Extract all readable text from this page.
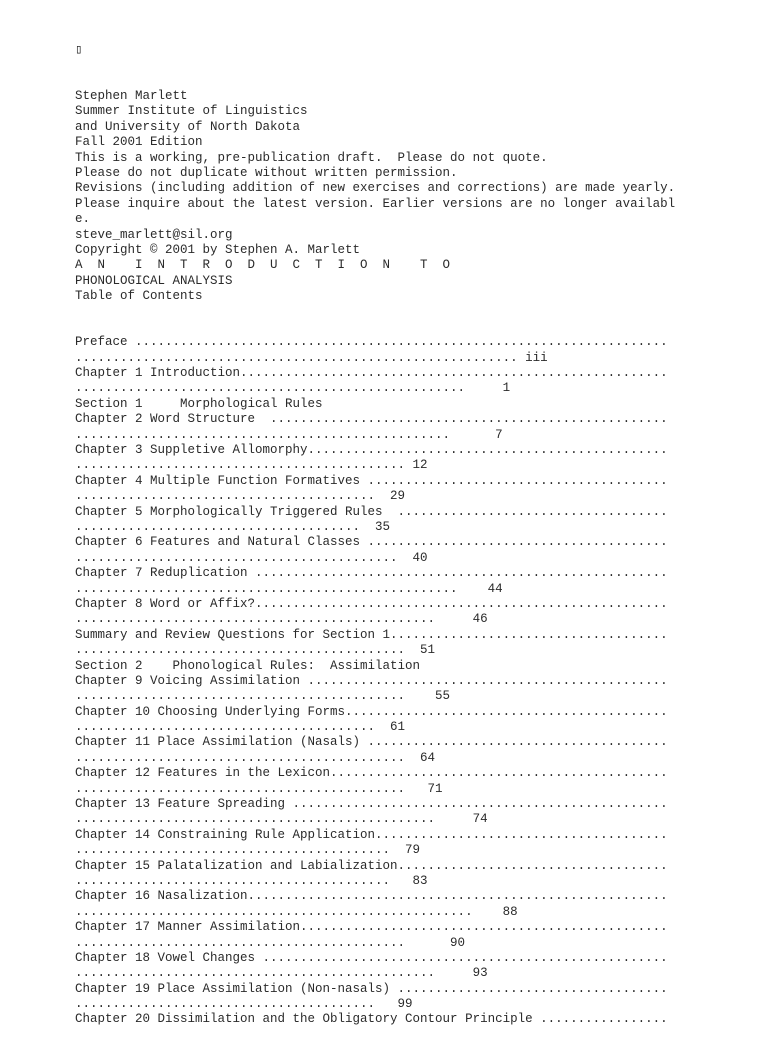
▯

Stephen Marlett
Summer Institute of Linguistics
and University of North Dakota
Fall 2001 Edition
This is a working, pre-publication draft.  Please do not quote.
Please do not duplicate without written permission.
Revisions (including addition of new exercises and corrections) are made yearly.
Please inquire about the latest version. Earlier versions are no longer availabl
e.
steve_marlett@sil.org
Copyright © 2001 by Stephen A. Marlett
A  N    I  N  T  R  O  D  U  C  T  I  O  N    T  O
PHONOLOGICAL ANALYSIS
Table of Contents

Preface .......................................................................
........................................................... iii
Chapter 1 Introduction.........................................................
....................................................     1
Section 1     Morphological Rules
Chapter 2 Word Structure  .....................................................
..................................................      7
Chapter 3 Suppletive Allomorphy................................................
............................................ 12
Chapter 4 Multiple Function Formatives ........................................
........................................  29
Chapter 5 Morphologically Triggered Rules  ....................................
......................................  35
Chapter 6 Features and Natural Classes ........................................
...........................................  40
Chapter 7 Reduplication .......................................................
...................................................    44
Chapter 8 Word or Affix?.......................................................
................................................     46
Summary and Review Questions for Section 1.....................................
............................................  51
Section 2    Phonological Rules:  Assimilation
Chapter 9 Voicing Assimilation ................................................
............................................    55
Chapter 10 Choosing Underlying Forms...........................................
........................................  61
Chapter 11 Place Assimilation (Nasals) ........................................
............................................  64
Chapter 12 Features in the Lexicon.............................................
............................................   71
Chapter 13 Feature Spreading ..................................................
................................................     74
Chapter 14 Constraining Rule Application.......................................
..........................................  79
Chapter 15 Palatalization and Labialization....................................
..........................................   83
Chapter 16 Nasalization........................................................
.....................................................    88
Chapter 17 Manner Assimilation.................................................
............................................      90
Chapter 18 Vowel Changes ......................................................
................................................     93
Chapter 19 Place Assimilation (Non-nasals) ....................................
........................................   99
Chapter 20 Dissimilation and the Obligatory Contour Principle .................
